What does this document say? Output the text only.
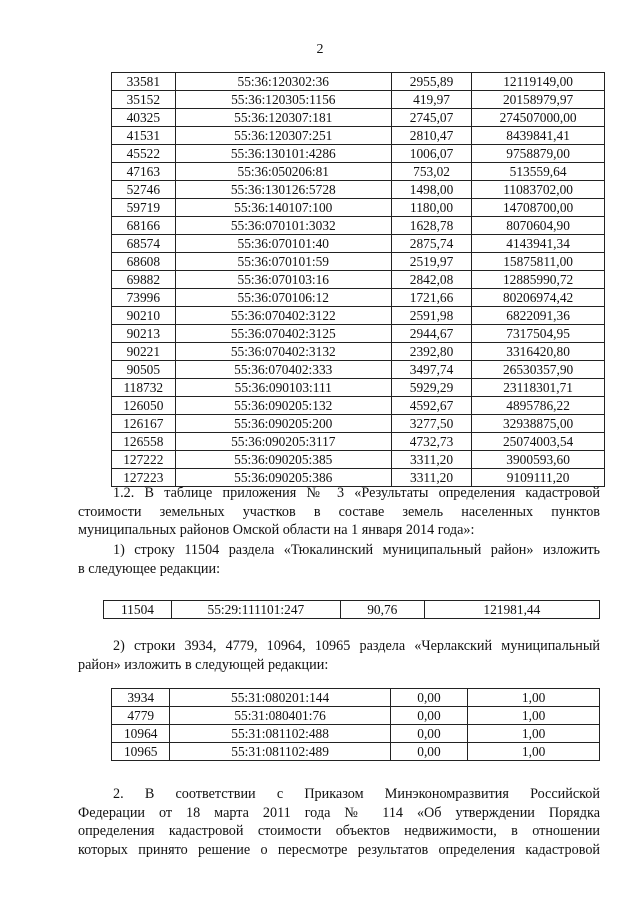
2
33581	55:36:120302:36	2955,89	12119149,00
35152	55:36:120305:1156	419,97	20158979,97
40325	55:36:120307:181	2745,07	274507000,00
41531	55:36:120307:251	2810,47	8439841,41
45522	55:36:130101:4286	1006,07	9758879,00
47163	55:36:050206:81	753,02	513559,64
52746	55:36:130126:5728	1498,00	11083702,00
59719	55:36:140107:100	1180,00	14708700,00
68166	55:36:070101:3032	1628,78	8070604,90
68574	55:36:070101:40	2875,74	4143941,34
68608	55:36:070101:59	2519,97	15875811,00
69882	55:36:070103:16	2842,08	12885990,72
73996	55:36:070106:12	1721,66	80206974,42
90210	55:36:070402:3122	2591,98	6822091,36
90213	55:36:070402:3125	2944,67	7317504,95
90221	55:36:070402:3132	2392,80	3316420,80
90505	55:36:070402:333	3497,74	26530357,90
118732	55:36:090103:111	5929,29	23118301,71
126050	55:36:090205:132	4592,67	4895786,22
126167	55:36:090205:200	3277,50	32938875,00
126558	55:36:090205:3117	4732,73	25074003,54
127222	55:36:090205:385	3311,20	3900593,60
127223	55:36:090205:386	3311,20	9109111,20
1.2. В таблице приложения № 3 «Результаты определения кадастровой
стоимости земельных участков в составе земель населенных пунктов
муниципальных районов Омской области на 1 января 2014 года»:
1) строку 11504 раздела «Тюкалинский муниципальный район» изложить
в следующее редакции:
11504	55:29:111101:247	90,76	121981,44
2) строки 3934, 4779, 10964, 10965 раздела «Черлакский муниципальный
район» изложить в следующей редакции:
3934	55:31:080201:144	0,00	1,00
4779	55:31:080401:76	0,00	1,00
10964	55:31:081102:488	0,00	1,00
10965	55:31:081102:489	0,00	1,00
2. В соответствии с Приказом Минэкономразвития Российской
Федерации от 18 марта 2011 года № 114 «Об утверждении Порядка
определения кадастровой стоимости объектов недвижимости, в отношении
которых принято решение о пересмотре результатов определения кадастровой
